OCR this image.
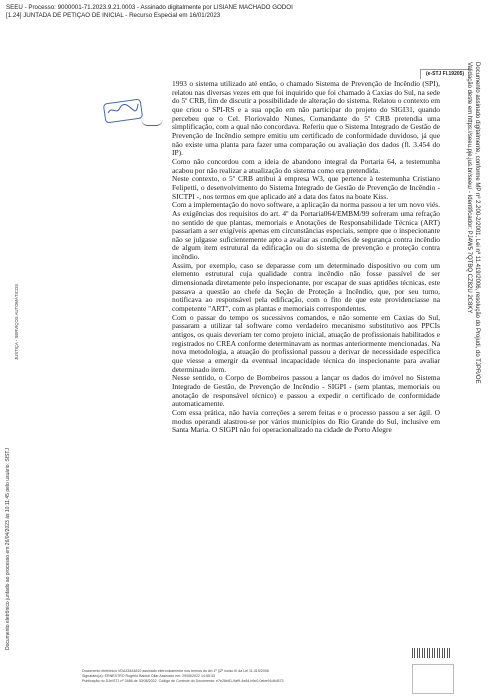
SEEU - Processo: 9000001-71.2023.9.21.0003 - Assinado digitalmente por LISIANE MACHADO GODOI
[1.24] JUNTADA DE PETIÇÃO DE INICIAL - Recurso Especial em 16/01/2023
(e-STJ Fl.19205)

1993 o sistema utilizado até então, o chamado Sistema de Prevenção de Incêndio (SPI), relatou nas diversas vezes em que foi inquirido que foi chamado à Caxias do Sul, na sede do 5º CRB, fim de discutir a possibilidade de alteração do sistema. Relatou o contexto em que criou o SPI-RS e a sua opção em não participar do projeto do SIGI31, quando percebeu que o Cel. Floriovaldo Nunes, Comandante do 5º CRB pretendia uma simplificação, com a qual não concordava. Referiu que o Sistema Integrado de Gestão de Prevenção de Incêndio sempre emitiu um certificado de conformidade duvidoso, já que não existe uma planta para fazer uma comparação ou avaliação dos dados (fl. 3.454 do IP).

Como não concordou com a ideia de abandono integral da Portaria 64, a testemunha acabou por não realizar a atualização do sistema como era pretendida.

Neste contexto, o 5º CRB atribui à empresa W3, que pertence à testemunha Cristiano Felipetti, o desenvolvimento do Sistema Integrado de Gestão de Prevenção de Incêndio - SICTPI -, nos termos em que aplicado até a data dos fatos na boate Kiss.

Com a implementação do novo software, a aplicação da norma passou a ter um novo viés. As exigências dos requisitos do art. 4º da Portaria064/EMBM/99 sofreram uma refração no sentido de que plantas, memoriais e Anotações de Responsabilidade Técnica (ART) passariam a ser exigíveis apenas em circunstâncias especiais, sempre que o inspecionante não se julgasse suficientemente apto a avaliar as condições de segurança contra incêndio de algum item estrutural da edificação ou do sistema de prevenção e proteção contra incêndio.

Assim, por exemplo, caso se deparasse com um determinado dispositivo ou com um elemento estrutural cuja qualidade contra incêndio não fosse passível de ser dimensionada diretamente pelo inspecionante, por escapar de suas aptidões técnicas, este passava a questão ao chefe da Seção de Proteção a Incêndio, que, por seu turno, notificava ao responsável pela edificação, com o fito de que este providenciasse na competente "ART", com as plantas e memoriais correspondentes.

Com o passar do tempo os sucessivos comandos, e não somente em Caxias do Sul, passaram a utilizar tal software como verdadeiro mecanismo substitutivo aos PPCIs antigos, os quais deveriam ter como projeto inicial, atuação de profissionais habilitados e registrados no CREA conforme determinavam as normas anteriormente mencionadas. Na nova metodologia, a atuação do profissional passou a derivar de necessidade específica que viesse a emergir da eventual incapacidade técnica do inspecionante para avaliar determinado item.

Nesse sentido, o Corpo de Bombeiros passou a lançar os dados do imóvel no Sistema Integrado de Gestão, de Prevenção de Incêndio - SIGPI - (sem plantas, memoriais ou anotação de responsável técnico) e passou a expedir o certificado de conformidade automaticamente.

Com essa prática, não havia correções a serem feitas e o processo passou a ser ágil. O modus operandi alastrou-se por vários municípios do Rio Grande do Sul, inclusive em Santa Maria. O SIGPI não foi operacionalizado na cidade de Porto Alegre

Documento eletrônico juntado ao processo em 26/04/2023 às 10:11:45 pelo usuário: SISTJ
JUSTIÇA - SERVIÇOS AUTOMÁTICOS	Documento assinado digitalmente, conforme MP nº 2.200-2/2001, Lei nº 11.419/2006, resolução do Projudi, do TJPR/OE
Validação deste em https://seeu.pje.jus.br/seeu/ - Identificador: PJ4W5 7QTBQ CZ82U 2C8KY
Documento eletrônico VDA33444810 assinado eletronicamente nos termos do Art.1º §2º inciso III da Lei 11.419/2006
Signatário(a): ERNESTRO Rogério Baldoli Oliar Assinado em: 29/08/2022 14:55:33
Publicação no DJe/STJ nº 3486 de 30/08/2022. Código de Controle do Documento: e7e28e81-9af9-4e84-b9c0-0ebe91d4d573
